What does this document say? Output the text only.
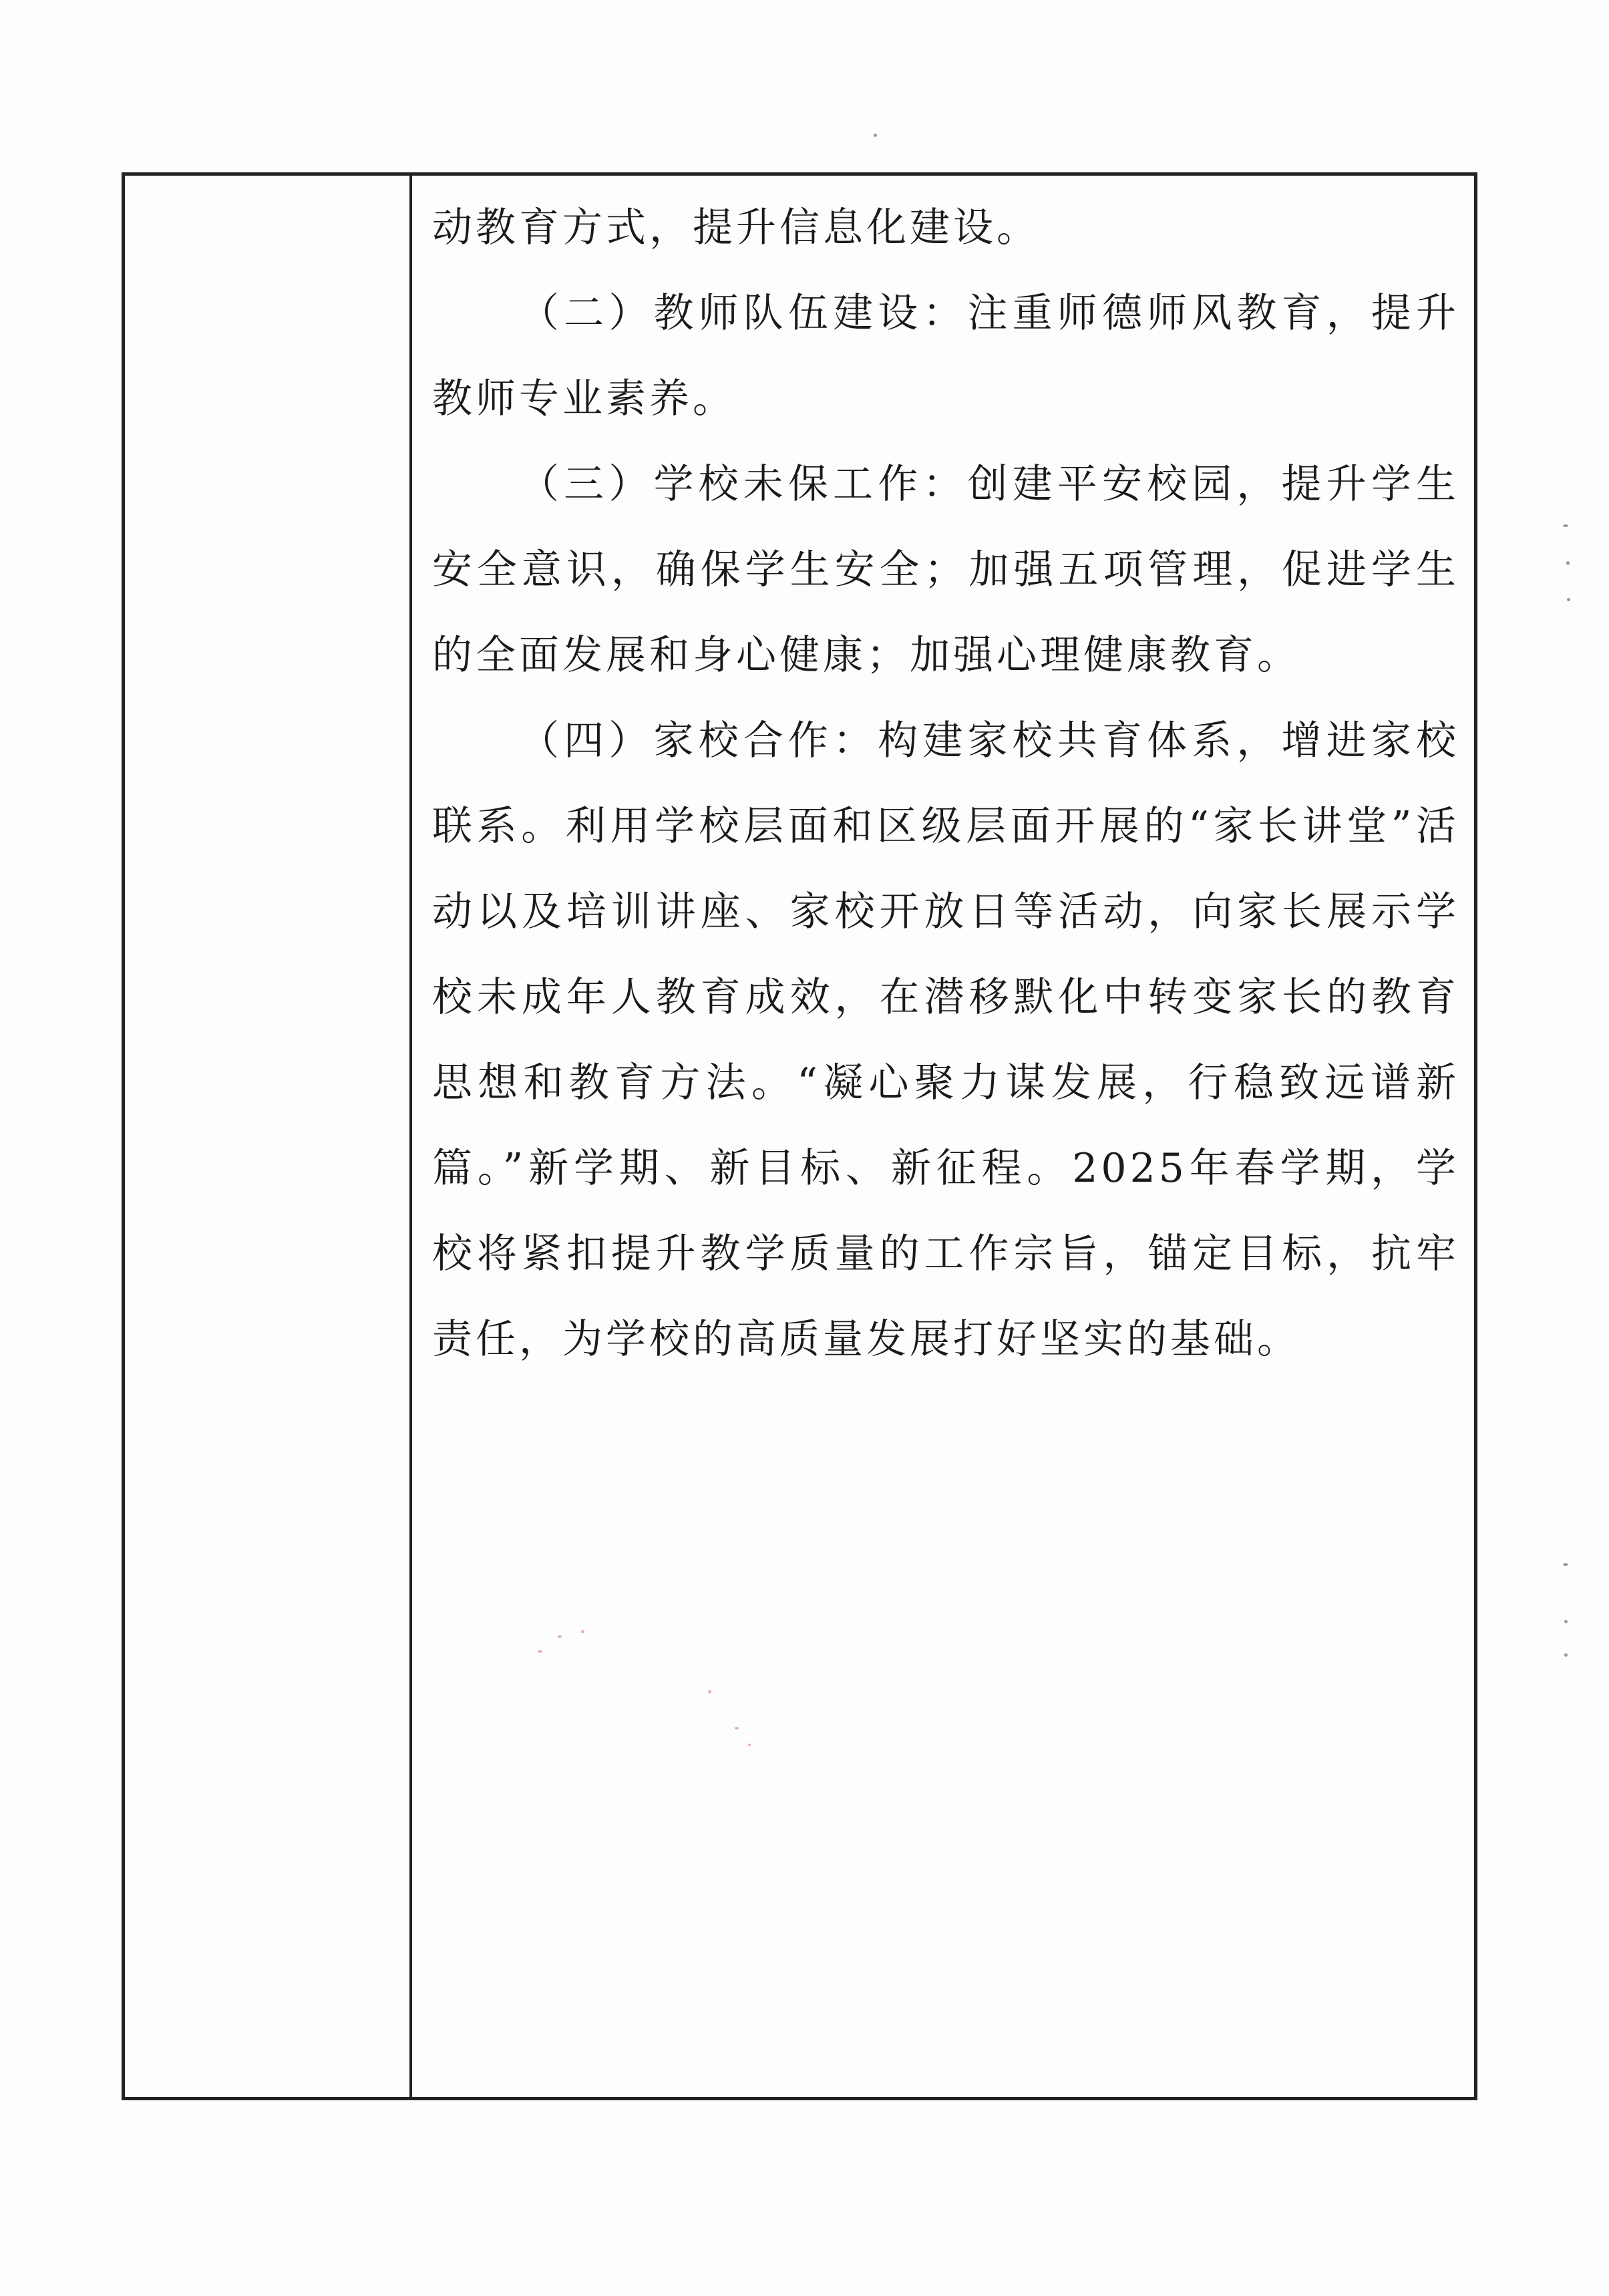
动教育方式，提升信息化建设。

（二）教师队伍建设：注重师德师风教育，提升教师专业素养。

（三）学校未保工作：创建平安校园，提升学生安全意识，确保学生安全；加强五项管理，促进学生的全面发展和身心健康；加强心理健康教育。

（四）家校合作：构建家校共育体系，增进家校联系。利用学校层面和区级层面开展的“家长讲堂”活动以及培训讲座、家校开放日等活动，向家长展示学校未成年人教育成效，在潜移默化中转变家长的教育思想和教育方法。“凝心聚力谋发展，行稳致远谱新篇。”新学期、新目标、新征程。2025年春学期，学校将紧扣提升教学质量的工作宗旨，锚定目标，抗牢责任，为学校的高质量发展打好坚实的基础。
